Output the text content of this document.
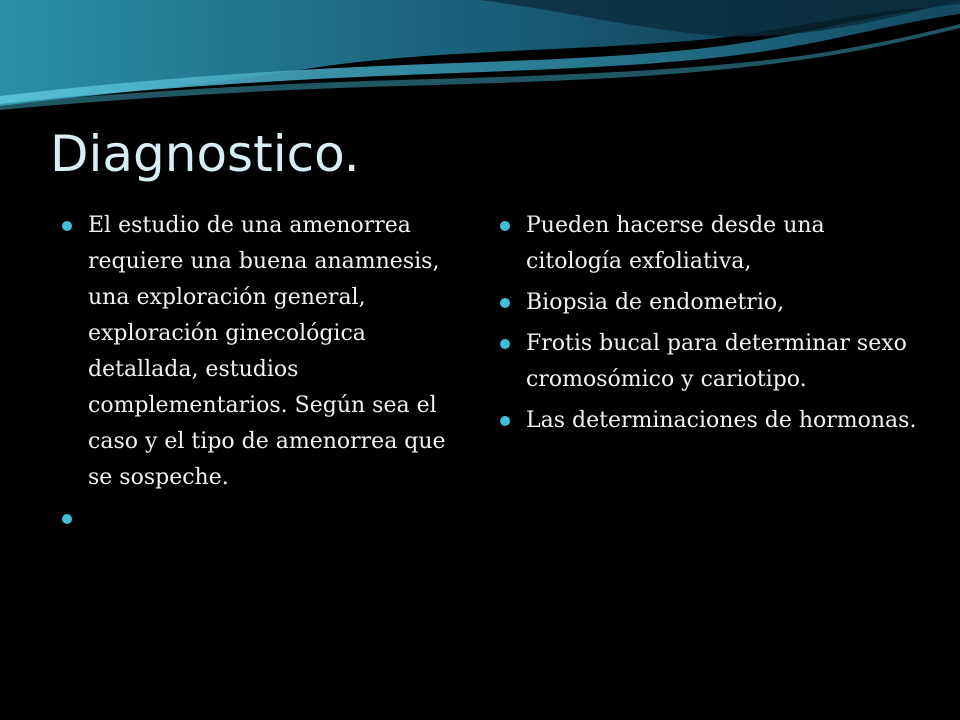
Diagnostico.
El estudio de una amenorrea requiere una buena anamnesis, una exploración general, exploración ginecológica detallada, estudios complementarios. Según sea el caso y el tipo de amenorrea que se sospeche.
Pueden hacerse desde una citología exfoliativa,
Biopsia de endometrio,
Frotis bucal para determinar sexo cromosómico y cariotipo.
Las determinaciones de hormonas.
